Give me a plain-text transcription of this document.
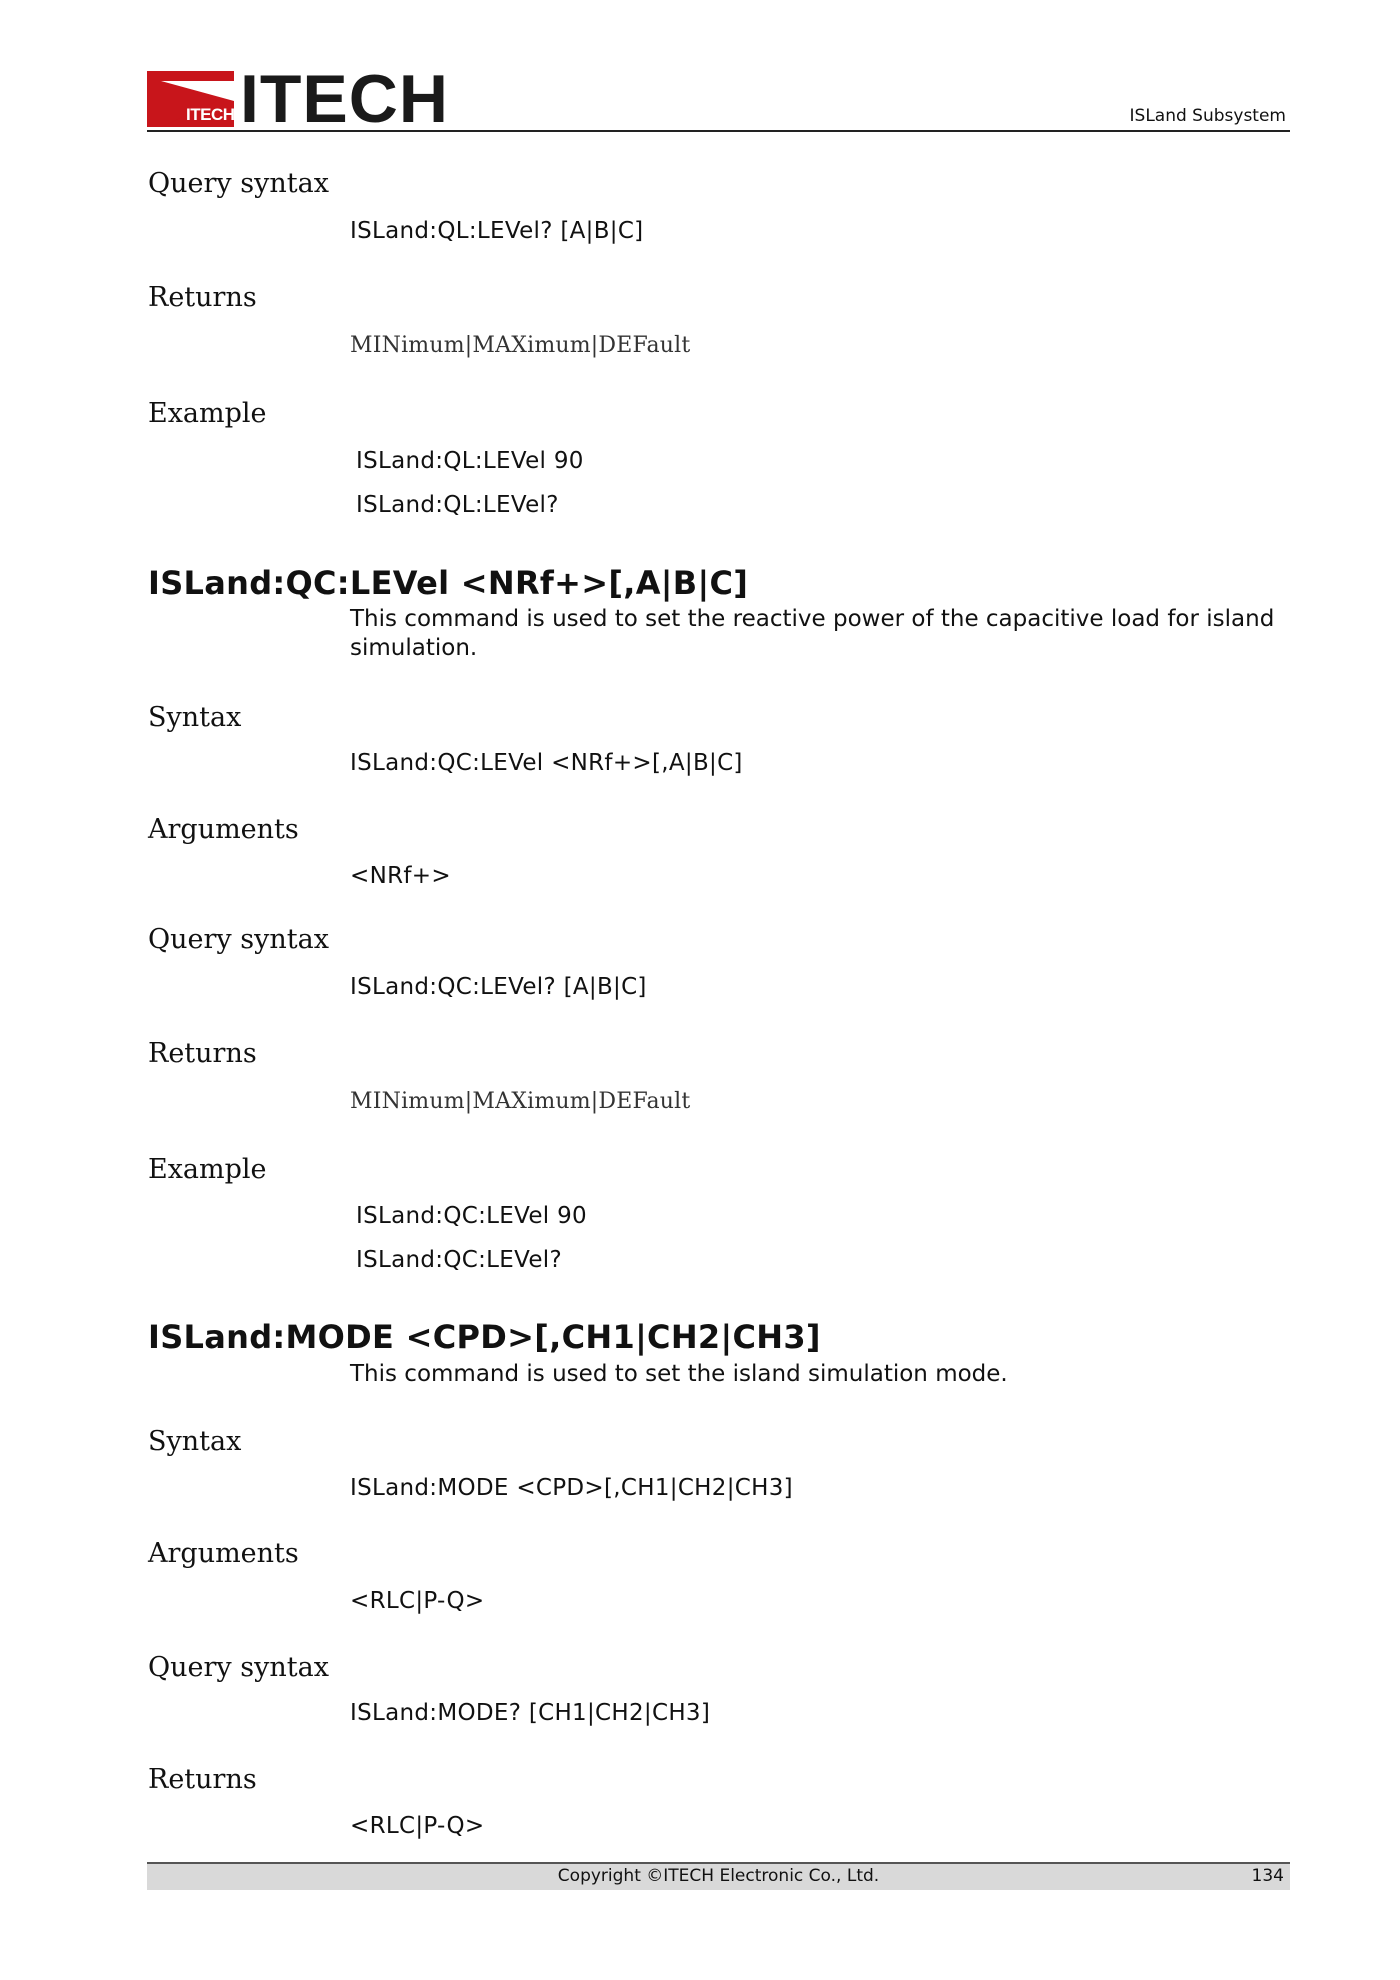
ITECH ITECH	ISLand Subsystem
Query syntax
ISLand:QL:LEVel? [A|B|C]
Returns
MINimum|MAXimum|DEFault
Example
ISLand:QL:LEVel 90
ISLand:QL:LEVel?
ISLand:QC:LEVel <NRf+>[,A|B|C]
This command is used to set the reactive power of the capacitive load for island simulation.
Syntax
ISLand:QC:LEVel <NRf+>[,A|B|C]
Arguments
<NRf+>
Query syntax
ISLand:QC:LEVel? [A|B|C]
Returns
MINimum|MAXimum|DEFault
Example
ISLand:QC:LEVel 90
ISLand:QC:LEVel?
ISLand:MODE <CPD>[,CH1|CH2|CH3]
This command is used to set the island simulation mode.
Syntax
ISLand:MODE <CPD>[,CH1|CH2|CH3]
Arguments
<RLC|P-Q>
Query syntax
ISLand:MODE? [CH1|CH2|CH3]
Returns
<RLC|P-Q>
Copyright ©ITECH Electronic Co., Ltd.	134
